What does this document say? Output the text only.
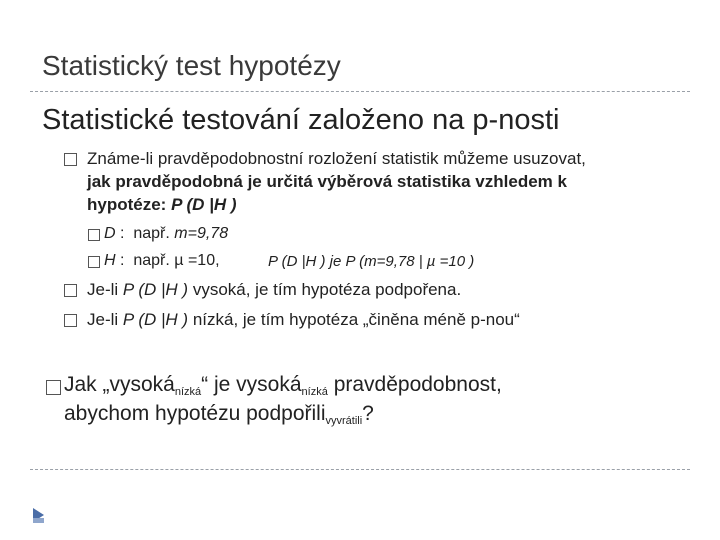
Statistický test hypotézy
Statistické testování založeno na p-nosti
Známe-li pravděpodobnostní rozložení statistik můžeme usuzovat,
jak pravděpodobná je určitá výběrová statistika vzhledem k
hypotéze: P (D |H )
D : např. m=9,78
H : např. µ =10,	P (D |H ) je P (m=9,78 | µ =10 )
Je-li P (D |H ) vysoká, je tím hypotéza podpořena.
Je-li P (D |H ) nízká, je tím hypotéza „činěna méně p-nou“
Jak „vysokánízká“ je vysokánízká pravděpodobnost,
abychom hypotézu podpořilivyvrátili?
